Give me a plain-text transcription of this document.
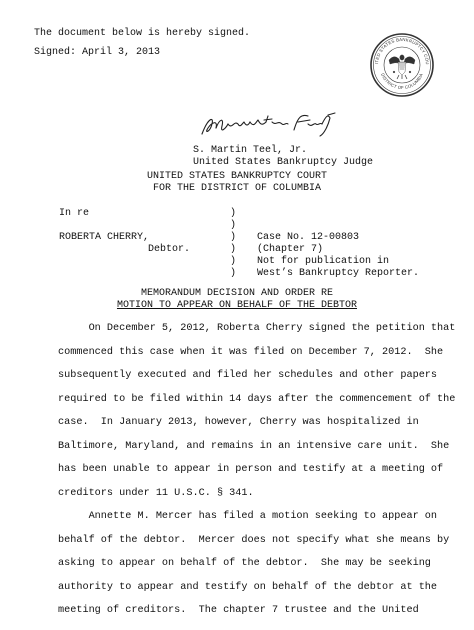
The document below is hereby signed.
Signed: April 3, 2013
ITED STATES BANKRUPTCY COU
DISTRICT OF COLUMBIA
S. Martin Teel, Jr.
United States Bankruptcy Judge
UNITED STATES BANKRUPTCY COURT
FOR THE DISTRICT OF COLUMBIA
In re
ROBERTA CHERRY,
Debtor.
)
)
)
)
)
)
Case No. 12-00803
(Chapter 7)
Not for publication in
West’s Bankruptcy Reporter.
MEMORANDUM DECISION AND ORDER RE
MOTION TO APPEAR ON BEHALF OF THE DEBTOR

On December 5, 2012, Roberta Cherry signed the petition that

commenced this case when it was filed on December 7, 2012.  She

subsequently executed and filed her schedules and other papers

required to be filed within 14 days after the commencement of the

case.  In January 2013, however, Cherry was hospitalized in

Baltimore, Maryland, and remains in an intensive care unit.  She

has been unable to appear in person and testify at a meeting of

creditors under 11 U.S.C. § 341.

Annette M. Mercer has filed a motion seeking to appear on

behalf of the debtor.  Mercer does not specify what she means by

asking to appear on behalf of the debtor.  She may be seeking

authority to appear and testify on behalf of the debtor at the

meeting of creditors.  The chapter 7 trustee and the United
